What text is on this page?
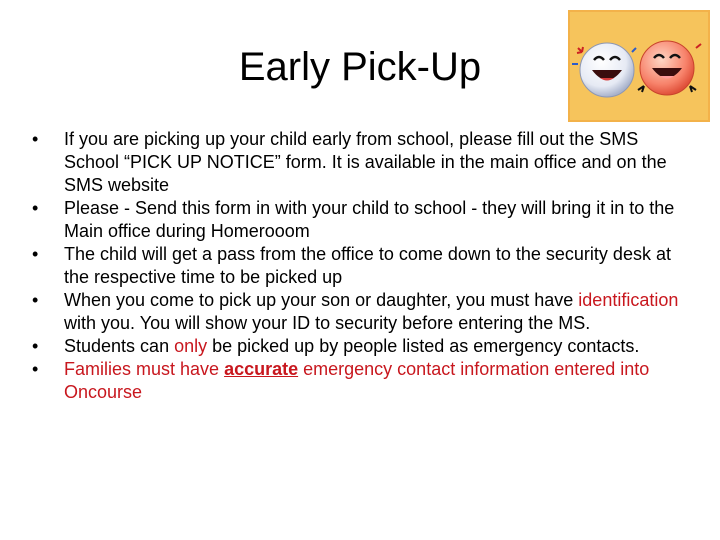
Early Pick-Up
• If you are picking up your child early from school, please fill out the SMS School “PICK UP NOTICE” form. It is available in the main office and on the SMS website
• Please - Send this form in with your child to school - they will bring it in to the Main office during Homerooom
• The child will get a pass from the office to come down to the security desk at the respective time to be picked up
• When you come to pick up your son or daughter, you must have identification with you. You will show your ID to security before entering the MS.
• Students can only be picked up by people listed as emergency contacts.
• Families must have accurate emergency contact information entered into Oncourse
